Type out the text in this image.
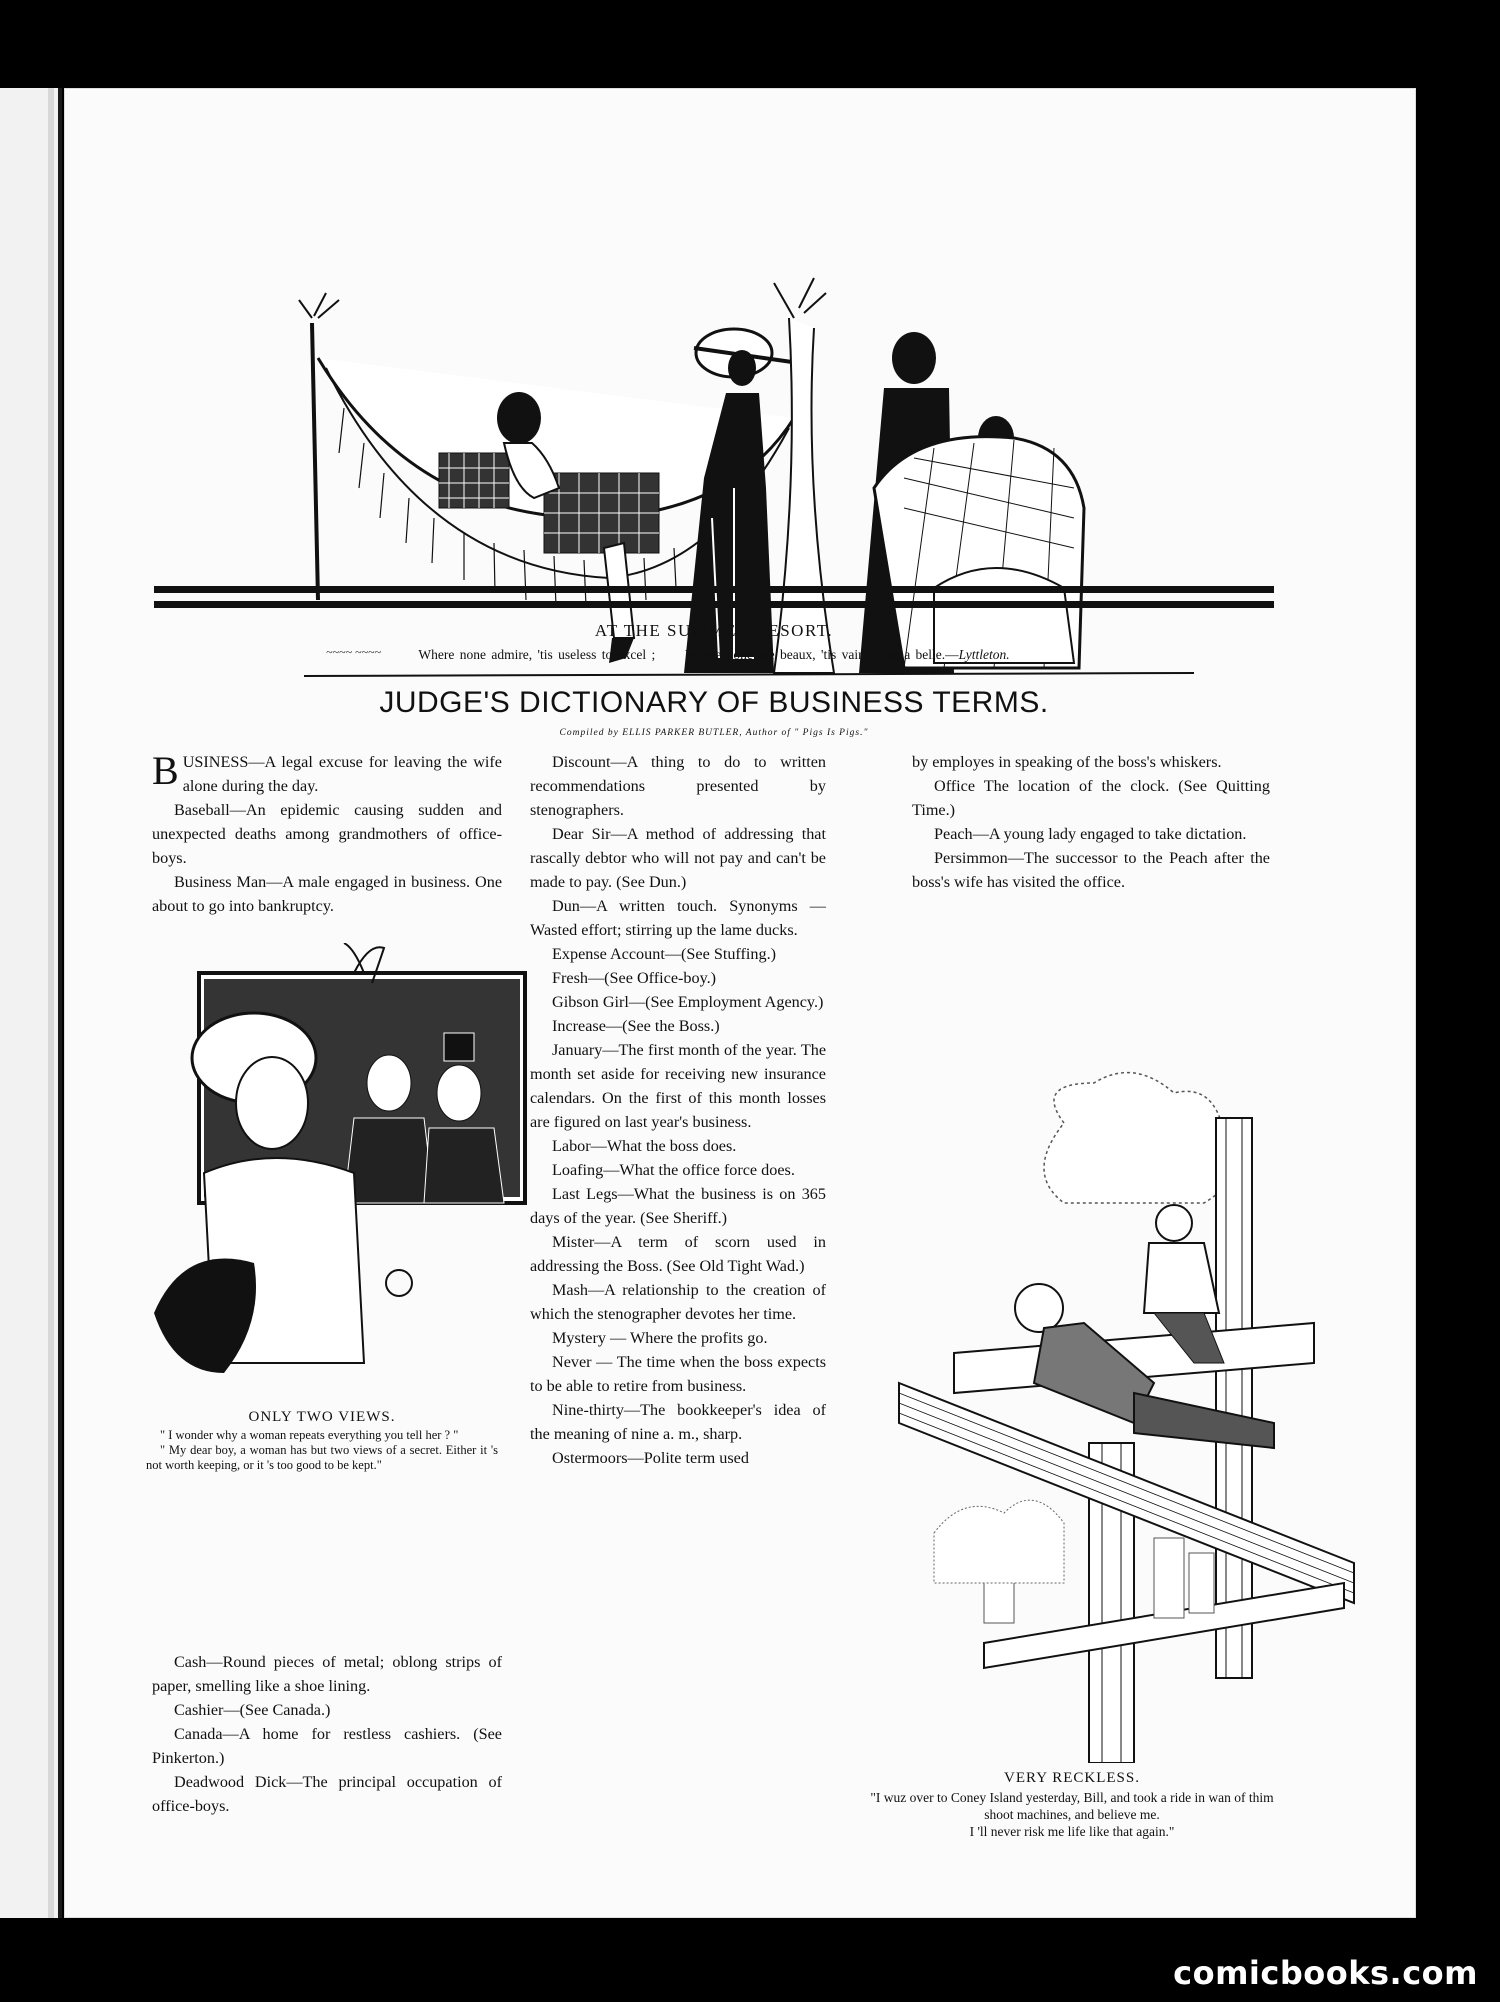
~~~~ ~~~~
AT THE SUMMER RESORT.
Where none admire, 'tis useless to excel ; Where none are beaux, 'tis vain to be a belle.—Lyttleton.
JUDGE'S DICTIONARY OF BUSINESS TERMS.
Compiled by ELLIS PARKER BUTLER, Author of " Pigs Is Pigs."

BUSINESS—A legal excuse for leaving the wife alone during the day.

Baseball—An epidemic causing sudden and unexpected deaths among grandmothers of office-boys.

Business Man—A male engaged in business. One about to go into bankruptcy.

ONLY TWO VIEWS.

" I wonder why a woman repeats everything you tell her ? "

" My dear boy, a woman has but two views of a secret. Either it 's not worth keeping, or it 's too good to be kept."

Cash—Round pieces of metal; oblong strips of paper, smelling like a shoe lining.

Cashier—(See Canada.)

Canada—A home for restless cashiers. (See Pinkerton.)

Deadwood Dick—The principal occupation of office-boys.

Discount—A thing to do to written recommendations presented by stenographers.

Dear Sir—A method of addressing that rascally debtor who will not pay and can't be made to pay. (See Dun.)

Dun—A written touch. Synonyms —Wasted effort; stirring up the lame ducks.

Expense Account—(See Stuffing.)

Fresh—(See Office-boy.)

Gibson Girl—(See Employment Agency.)

Increase—(See the Boss.)

January—The first month of the year. The month set aside for receiving new insurance calendars. On the first of this month losses are figured on last year's business.

Labor—What the boss does.

Loafing—What the office force does.

Last Legs—What the business is on 365 days of the year. (See Sheriff.)

Mister—A term of scorn used in addressing the Boss. (See Old Tight Wad.)

Mash—A relationship to the creation of which the stenographer devotes her time.

Mystery — Where the profits go.

Never — The time when the boss expects to be able to retire from business.

Nine-thirty—The bookkeeper's idea of the meaning of nine a. m., sharp.

Ostermoors—Polite term used

by employes in speaking of the boss's whiskers.

Office The location of the clock. (See Quitting Time.)

Peach—A young lady engaged to take dictation.

Persimmon—The successor to the Peach after the boss's wife has visited the office.

VERY RECKLESS.
"I wuz over to Coney Island yesterday, Bill, and took a ride in wan of thim shoot machines, and believe me.
I 'll never risk me life like that again."
comicbooks.com
